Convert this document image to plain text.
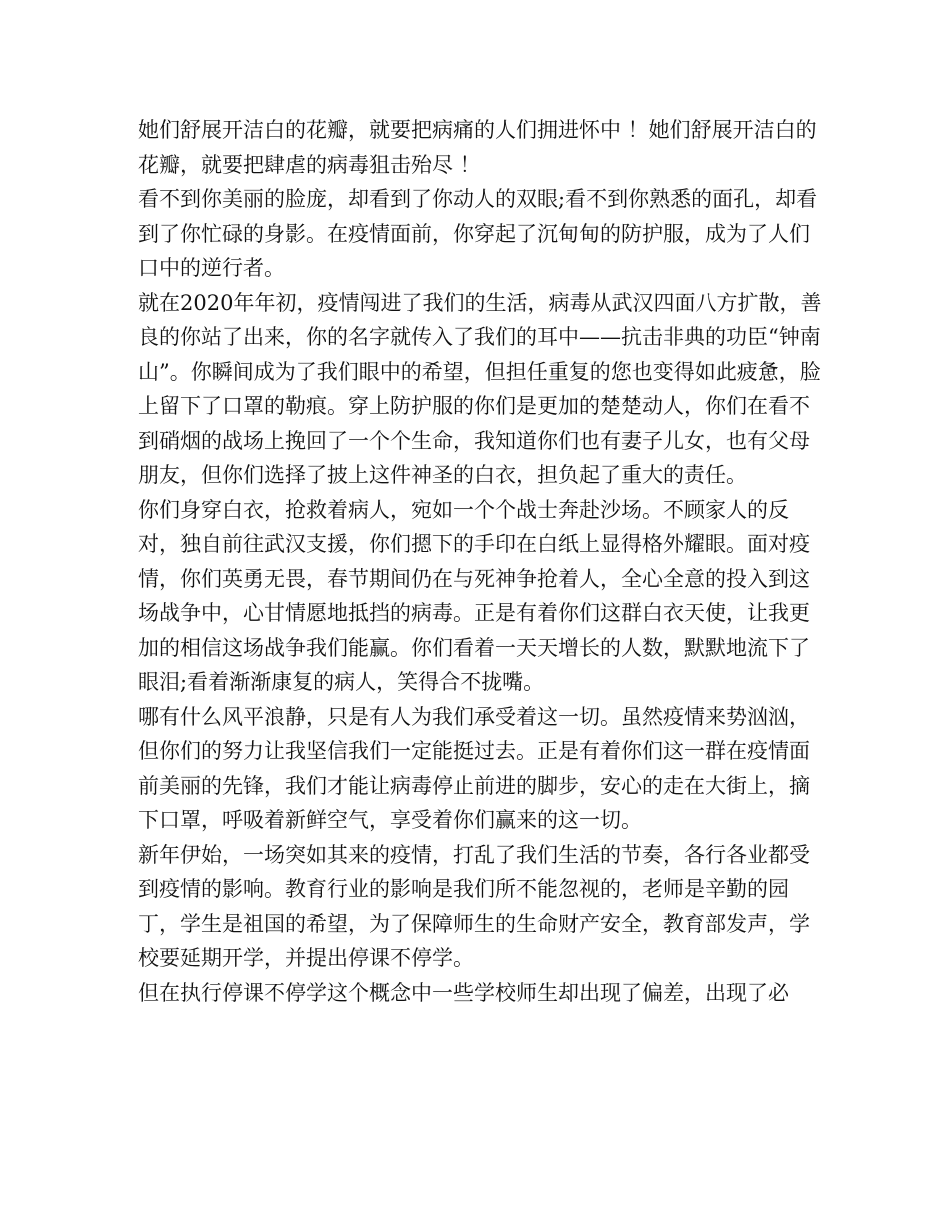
她们舒展开洁白的花瓣，就要把病痛的人们拥进怀中 ！她们舒展开洁白的花瓣，就要把肆虐的病毒狙击殆尽 ！

看不到你美丽的脸庞，却看到了你动人的双眼;看不到你熟悉的面孔，却看到了你忙碌的身影。在疫情面前，你穿起了沉甸甸的防护服，成为了人们口中的逆行者。

就在2020年年初，疫情闯进了我们的生活，病毒从武汉四面八方扩散，善良的你站了出来，你的名字就传入了我们的耳中——抗击非典的功臣“钟南山”。你瞬间成为了我们眼中的希望，但担任重复的您也变得如此疲惫，脸上留下了口罩的勒痕。穿上防护服的你们是更加的楚楚动人，你们在看不到硝烟的战场上挽回了一个个生命，我知道你们也有妻子儿女，也有父母朋友，但你们选择了披上这件神圣的白衣，担负起了重大的责任。

你们身穿白衣，抢救着病人，宛如一个个战士奔赴沙场。不顾家人的反对，独自前往武汉支援，你们摁下的手印在白纸上显得格外耀眼。面对疫情，你们英勇无畏，春节期间仍在与死神争抢着人，全心全意的投入到这场战争中，心甘情愿地抵挡的病毒。正是有着你们这群白衣天使，让我更加的相信这场战争我们能赢。你们看着一天天增长的人数，默默地流下了眼泪;看着渐渐康复的病人，笑得合不拢嘴。

哪有什么风平浪静，只是有人为我们承受着这一切。虽然疫情来势汹汹，但你们的努力让我坚信我们一定能挺过去。正是有着你们这一群在疫情面前美丽的先锋，我们才能让病毒停止前进的脚步，安心的走在大街上，摘下口罩，呼吸着新鲜空气，享受着你们赢来的这一切。

新年伊始，一场突如其来的疫情，打乱了我们生活的节奏，各行各业都受到疫情的影响。教育行业的影响是我们所不能忽视的，老师是辛勤的园丁，学生是祖国的希望，为了保障师生的生命财产安全，教育部发声，学校要延期开学，并提出停课不停学。

但在执行停课不停学这个概念中一些学校师生却出现了偏差，出现了必
